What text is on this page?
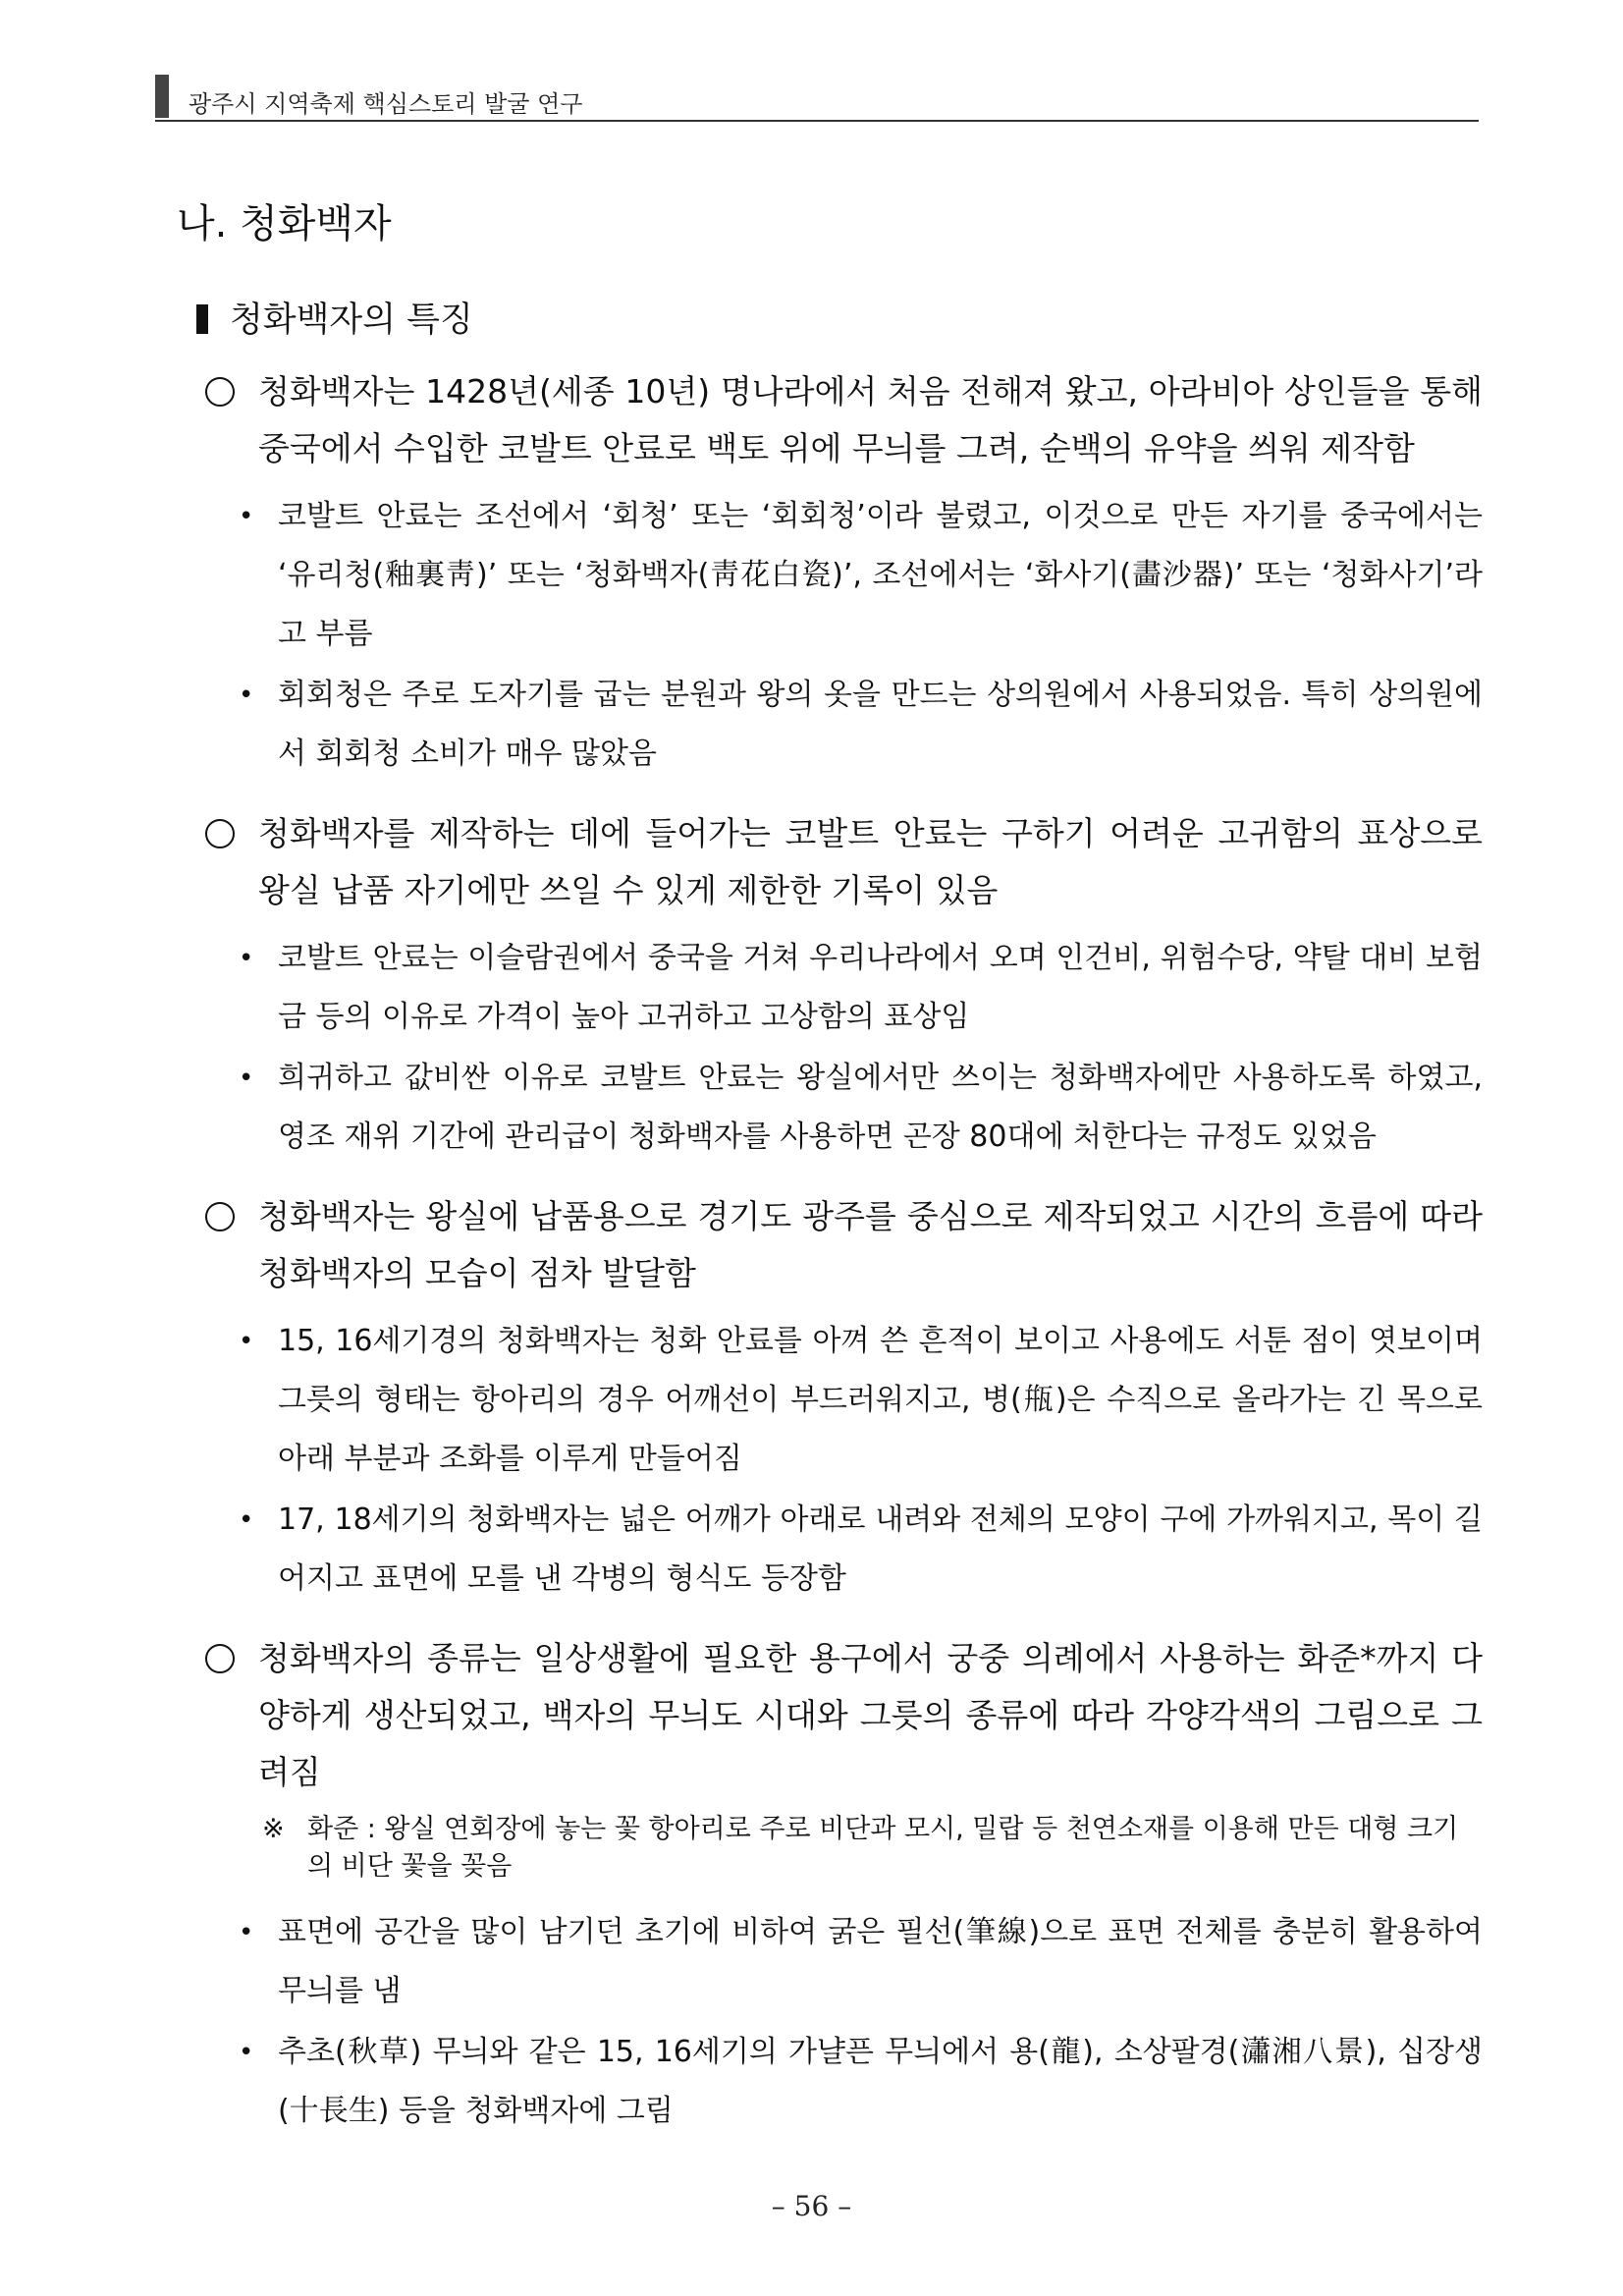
광주시 지역축제 핵심스토리 발굴 연구
나. 청화백자
청화백자의 특징
청화백자는 1428년(세종 10년) 명나라에서 처음 전해져 왔고, 아라비아 상인들을 통해 중국에서 수입한 코발트 안료로 백토 위에 무늬를 그려, 순백의 유약을 씌워 제작함
• 코발트 안료는 조선에서 ‘회청’ 또는 ‘회회청’이라 불렸고, 이것으로 만든 자기를 중국에서는 ‘유리청(釉裏靑)’ 또는 ‘청화백자(靑花白瓷)’, 조선에서는 ‘화사기(畵沙器)’ 또는 ‘청화사기’라고 부름
• 회회청은 주로 도자기를 굽는 분원과 왕의 옷을 만드는 상의원에서 사용되었음. 특히 상의원에서 회회청 소비가 매우 많았음
청화백자를 제작하는 데에 들어가는 코발트 안료는 구하기 어려운 고귀함의 표상으로 왕실 납품 자기에만 쓰일 수 있게 제한한 기록이 있음
• 코발트 안료는 이슬람권에서 중국을 거쳐 우리나라에서 오며 인건비, 위험수당, 약탈 대비 보험금 등의 이유로 가격이 높아 고귀하고 고상함의 표상임
• 희귀하고 값비싼 이유로 코발트 안료는 왕실에서만 쓰이는 청화백자에만 사용하도록 하였고, 영조 재위 기간에 관리급이 청화백자를 사용하면 곤장 80대에 처한다는 규정도 있었음
청화백자는 왕실에 납품용으로 경기도 광주를 중심으로 제작되었고 시간의 흐름에 따라 청화백자의 모습이 점차 발달함
• 15, 16세기경의 청화백자는 청화 안료를 아껴 쓴 흔적이 보이고 사용에도 서툰 점이 엿보이며 그릇의 형태는 항아리의 경우 어깨선이 부드러워지고, 병(甁)은 수직으로 올라가는 긴 목으로 아래 부분과 조화를 이루게 만들어짐
• 17, 18세기의 청화백자는 넓은 어깨가 아래로 내려와 전체의 모양이 구에 가까워지고, 목이 길어지고 표면에 모를 낸 각병의 형식도 등장함
청화백자의 종류는 일상생활에 필요한 용구에서 궁중 의례에서 사용하는 화준*까지 다양하게 생산되었고, 백자의 무늬도 시대와 그릇의 종류에 따라 각양각색의 그림으로 그려짐
※ 화준 : 왕실 연회장에 놓는 꽃 항아리로 주로 비단과 모시, 밀랍 등 천연소재를 이용해 만든 대형 크기의 비단 꽃을 꽂음
• 표면에 공간을 많이 남기던 초기에 비하여 굵은 필선(筆線)으로 표면 전체를 충분히 활용하여 무늬를 냄
• 추초(秋草) 무늬와 같은 15, 16세기의 가냘픈 무늬에서 용(龍), 소상팔경(瀟湘八景), 십장생(十長生) 등을 청화백자에 그림
– 56 –
